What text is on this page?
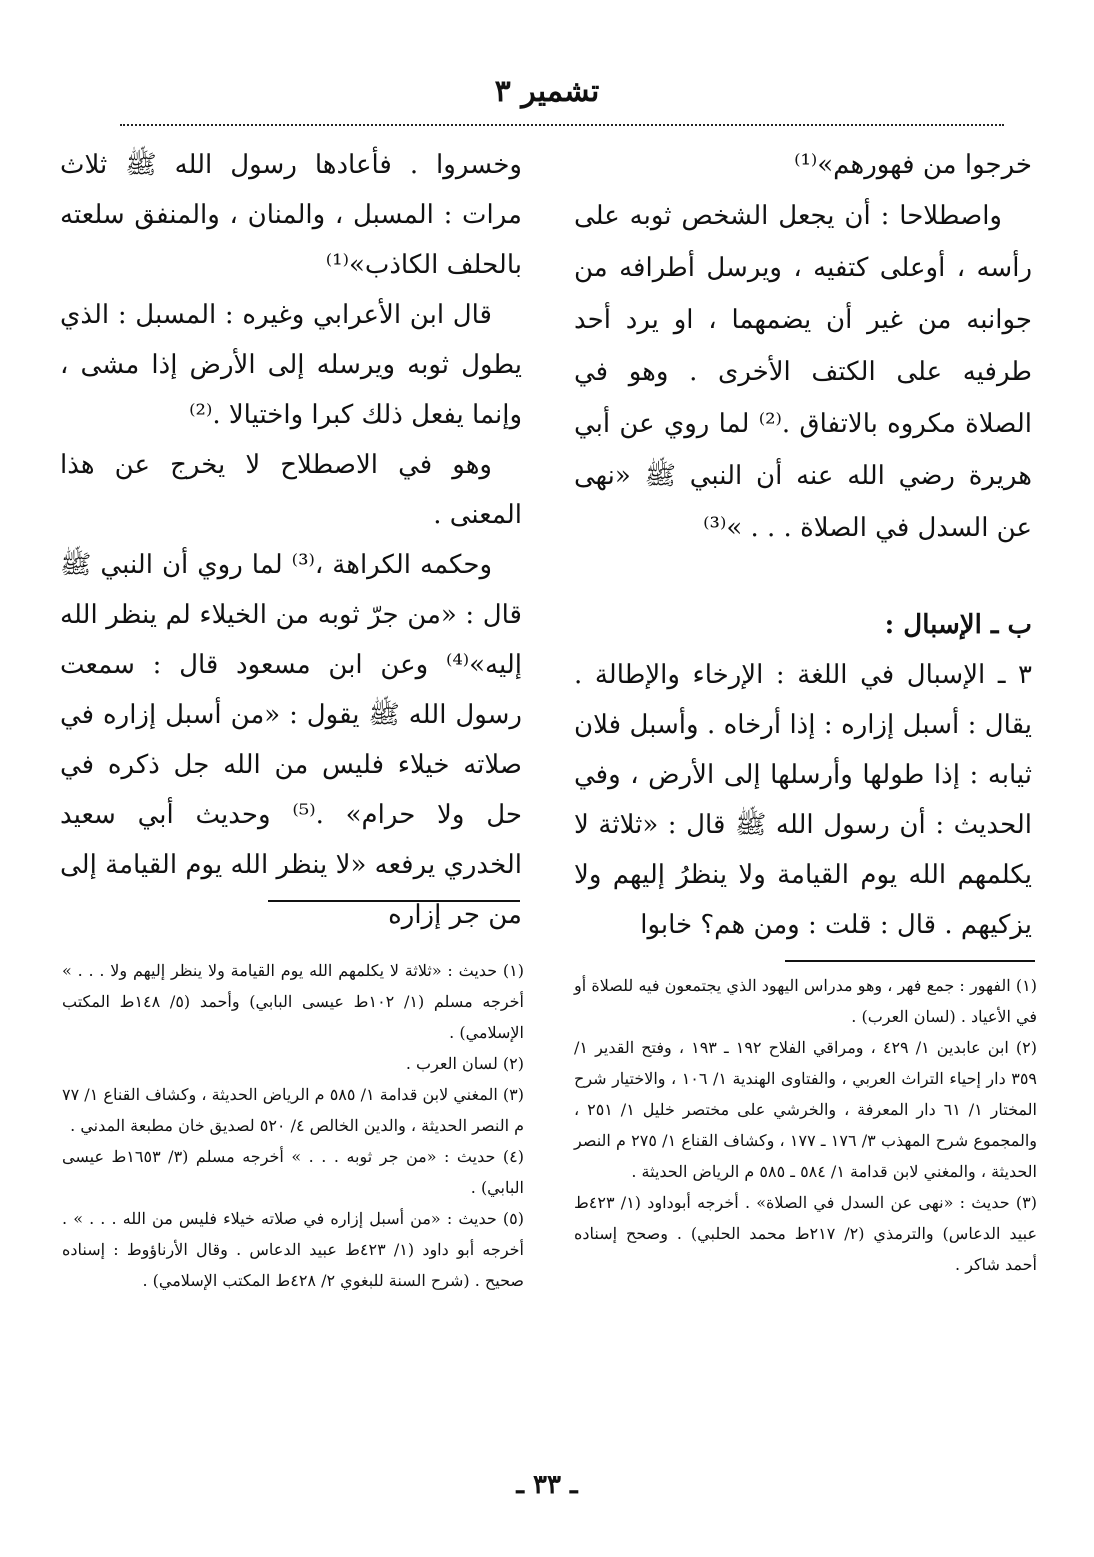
تشمير ٣

خرجوا من فهورهم»⁽¹⁾

واصطلاحا : أن يجعل الشخص ثوبه على رأسه ، أوعلى كتفيه ، ويرسل أطرافه من جوانبه من غير أن يضمهما ، او يرد أحد طرفيه على الكتف الأخرى . وهو في الصلاة مكروه بالاتفاق .⁽²⁾ لما روي عن أبي هريرة رضي الله عنه أن النبي ﷺ «نهى عن السدل في الصلاة . . . »⁽³⁾

ب ـ الإسبال :

٣ ـ الإسبال في اللغة : الإرخاء والإطالة . يقال : أسبل إزاره : إذا أرخاه . وأسبل فلان ثيابه : إذا طولها وأرسلها إلى الأرض ، وفي الحديث : أن رسول الله ﷺ قال : «ثلاثة لا يكلمهم الله يوم القيامة ولا ينظرُ إليهم ولا يزكيهم . قال : قلت : ومن هم؟ خابوا

وخسروا . فأعادها رسول الله ﷺ ثلاث مرات : المسبل ، والمنان ، والمنفق سلعته بالحلف الكاذب»⁽¹⁾

قال ابن الأعرابي وغيره : المسبل : الذي يطول ثوبه ويرسله إلى الأرض إذا مشى ، وإنما يفعل ذلك كبرا واختيالا .⁽²⁾

وهو في الاصطلاح لا يخرج عن هذا المعنى .

وحكمه الكراهة ،⁽³⁾ لما روي أن النبي ﷺ قال : «من جرّ ثوبه من الخيلاء لم ينظر الله إليه»⁽⁴⁾ وعن ابن مسعود قال : سمعت رسول الله ﷺ يقول : «من أسبل إزاره في صلاته خيلاء فليس من الله جل ذكره في حل ولا حرام» .⁽⁵⁾ وحديث أبي سعيد الخدري يرفعه «لا ينظر الله يوم القيامة إلى من جر إزاره

(١) الفهور : جمع فهر ، وهو مدراس اليهود الذي يجتمعون فيه للصلاة أو في الأعياد . (لسان العرب) .

(٢) ابن عابدين ١/ ٤٢٩ ، ومراقي الفلاح ١٩٢ ـ ١٩٣ ، وفتح القدير ١/ ٣٥٩ دار إحياء التراث العربي ، والفتاوى الهندية ١/ ١٠٦ ، والاختيار شرح المختار ١/ ٦١ دار المعرفة ، والخرشي على مختصر خليل ١/ ٢٥١ ، والمجموع شرح المهذب ٣/ ١٧٦ ـ ١٧٧ ، وكشاف القناع ١/ ٢٧٥ م النصر الحديثة ، والمغني لابن قدامة ١/ ٥٨٤ ـ ٥٨٥ م الرياض الحديثة .

(٣) حديث : «نهى عن السدل في الصلاة» . أخرجه أبوداود (١/ ٤٢٣ط عبيد الدعاس) والترمذي (٢/ ٢١٧ط محمد الحلبي) . وصحح إسناده أحمد شاكر .

(١) حديث : «ثلاثة لا يكلمهم الله يوم القيامة ولا ينظر إليهم ولا . . . » أخرجه مسلم (١/ ١٠٢ط عيسى البابي) وأحمد (٥/ ١٤٨ط المكتب الإسلامي) .

(٢) لسان العرب .

(٣) المغني لابن قدامة ١/ ٥٨٥ م الرياض الحديثة ، وكشاف القناع ١/ ٧٧ م النصر الحديثة ، والدين الخالص ٤/ ٥٢٠ لصديق خان مطبعة المدني .

(٤) حديث : «من جر ثوبه . . . » أخرجه مسلم (٣/ ١٦٥٣ط عيسى البابي) .

(٥) حديث : «من أسبل إزاره في صلاته خيلاء فليس من الله . . . » . أخرجه أبو داود (١/ ٤٢٣ط عبيد الدعاس . وقال الأرناؤوط : إسناده صحيح . (شرح السنة للبغوي ٢/ ٤٢٨ط المكتب الإسلامي) .

ـ ٣٣ ـ
